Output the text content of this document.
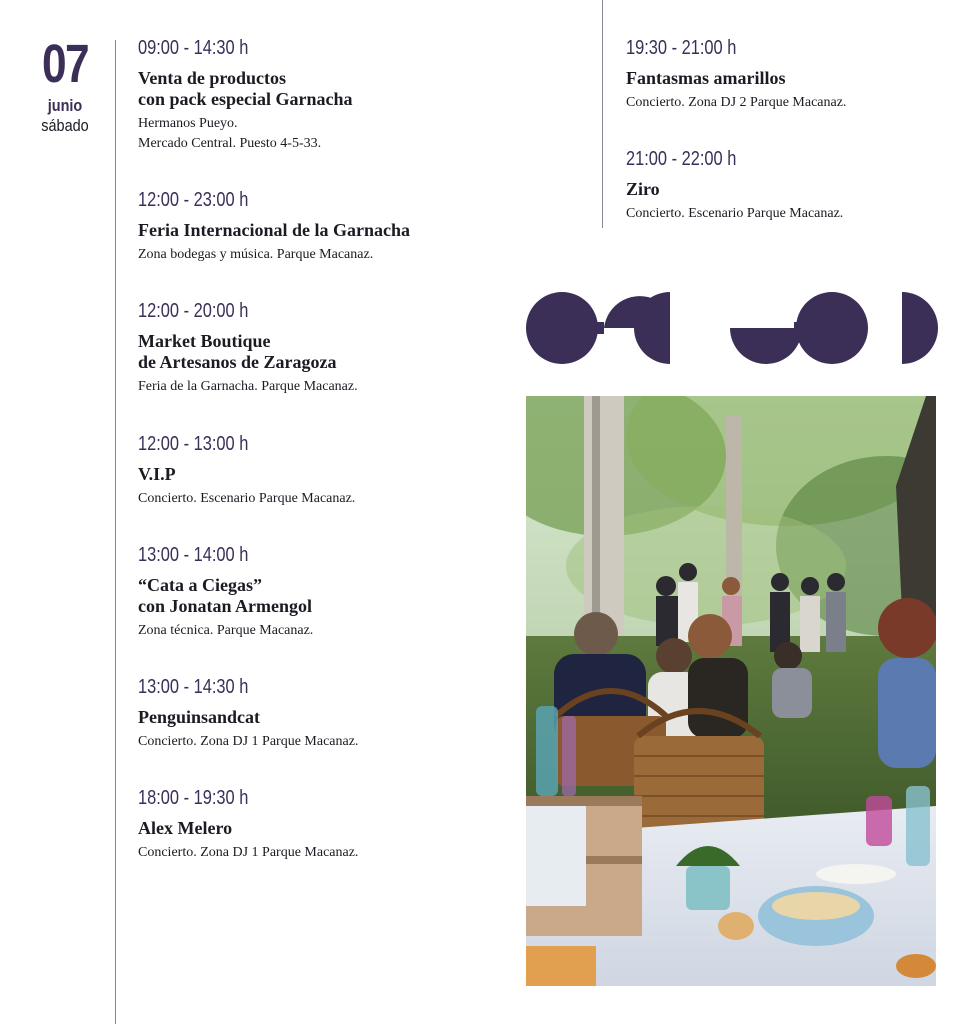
07
junio
sábado
09:00 - 14:30 h
Venta de productos
con pack especial Garnacha
Hermanos Pueyo.
Mercado Central. Puesto 4-5-33.
12:00 - 23:00 h
Feria Internacional de la Garnacha
Zona bodegas y música. Parque Macanaz.
12:00 - 20:00 h
Market Boutique
de Artesanos de Zaragoza
Feria de la Garnacha. Parque Macanaz.
12:00 - 13:00 h
V.I.P
Concierto. Escenario Parque Macanaz.
13:00 - 14:00 h
“Cata a Ciegas”
con Jonatan Armengol
Zona técnica. Parque Macanaz.
13:00 - 14:30 h
Penguinsandcat
Concierto. Zona DJ 1 Parque Macanaz.
18:00 - 19:30 h
Alex Melero
Concierto. Zona DJ 1 Parque Macanaz.
19:30 - 21:00 h
Fantasmas amarillos
Concierto. Zona DJ 2 Parque Macanaz.
21:00 - 22:00 h
Ziro
Concierto. Escenario Parque Macanaz.
